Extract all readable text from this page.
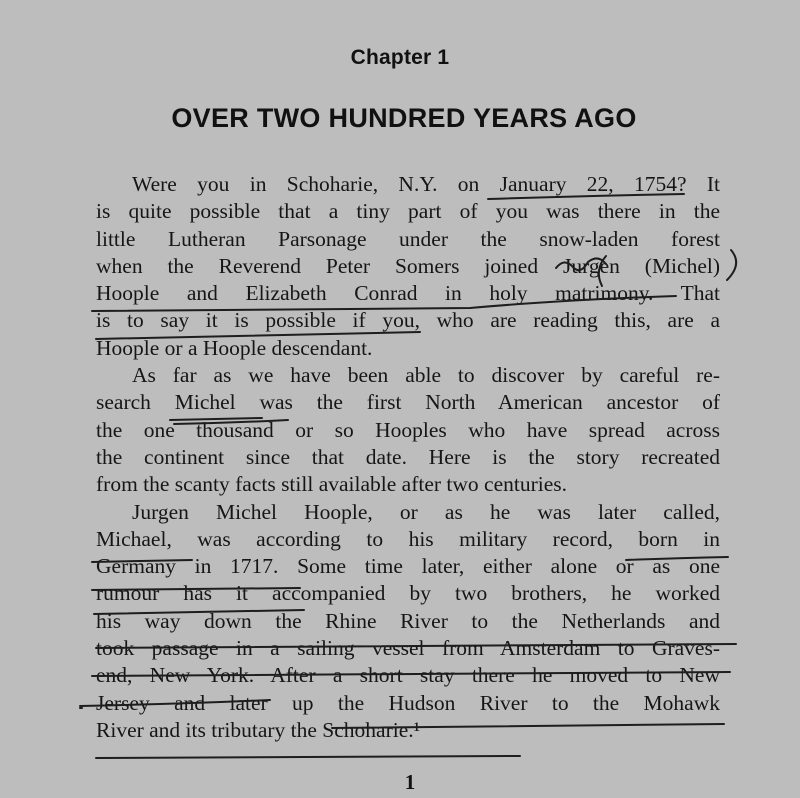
Chapter 1
OVER TWO HUNDRED YEARS AGO
Were you in Schoharie, N.Y. on January 22, 1754? It
is quite possible that a tiny part of you was there in the
little Lutheran Parsonage under the snow-laden forest
when the Reverend Peter Somers joined Jurgen (Michel)
Hoople and Elizabeth Conrad in holy matrimony. That
is to say it is possible if you, who are reading this, are a
Hoople or a Hoople descendant.
As far as we have been able to discover by careful re-
search Michel was the first North American ancestor of
the one thousand or so Hooples who have spread across
the continent since that date. Here is the story recreated
from the scanty facts still available after two centuries.
Jurgen Michel Hoople, or as he was later called,
Michael, was according to his military record, born in
Germany in 1717. Some time later, either alone or as one
rumour has it accompanied by two brothers, he worked
his way down the Rhine River to the Netherlands and
took passage in a sailing vessel from Amsterdam to Graves-
end, New York. After a short stay there he moved to New
Jersey and later up the Hudson River to the Mohawk
River and its tributary the Schoharie.¹
1
